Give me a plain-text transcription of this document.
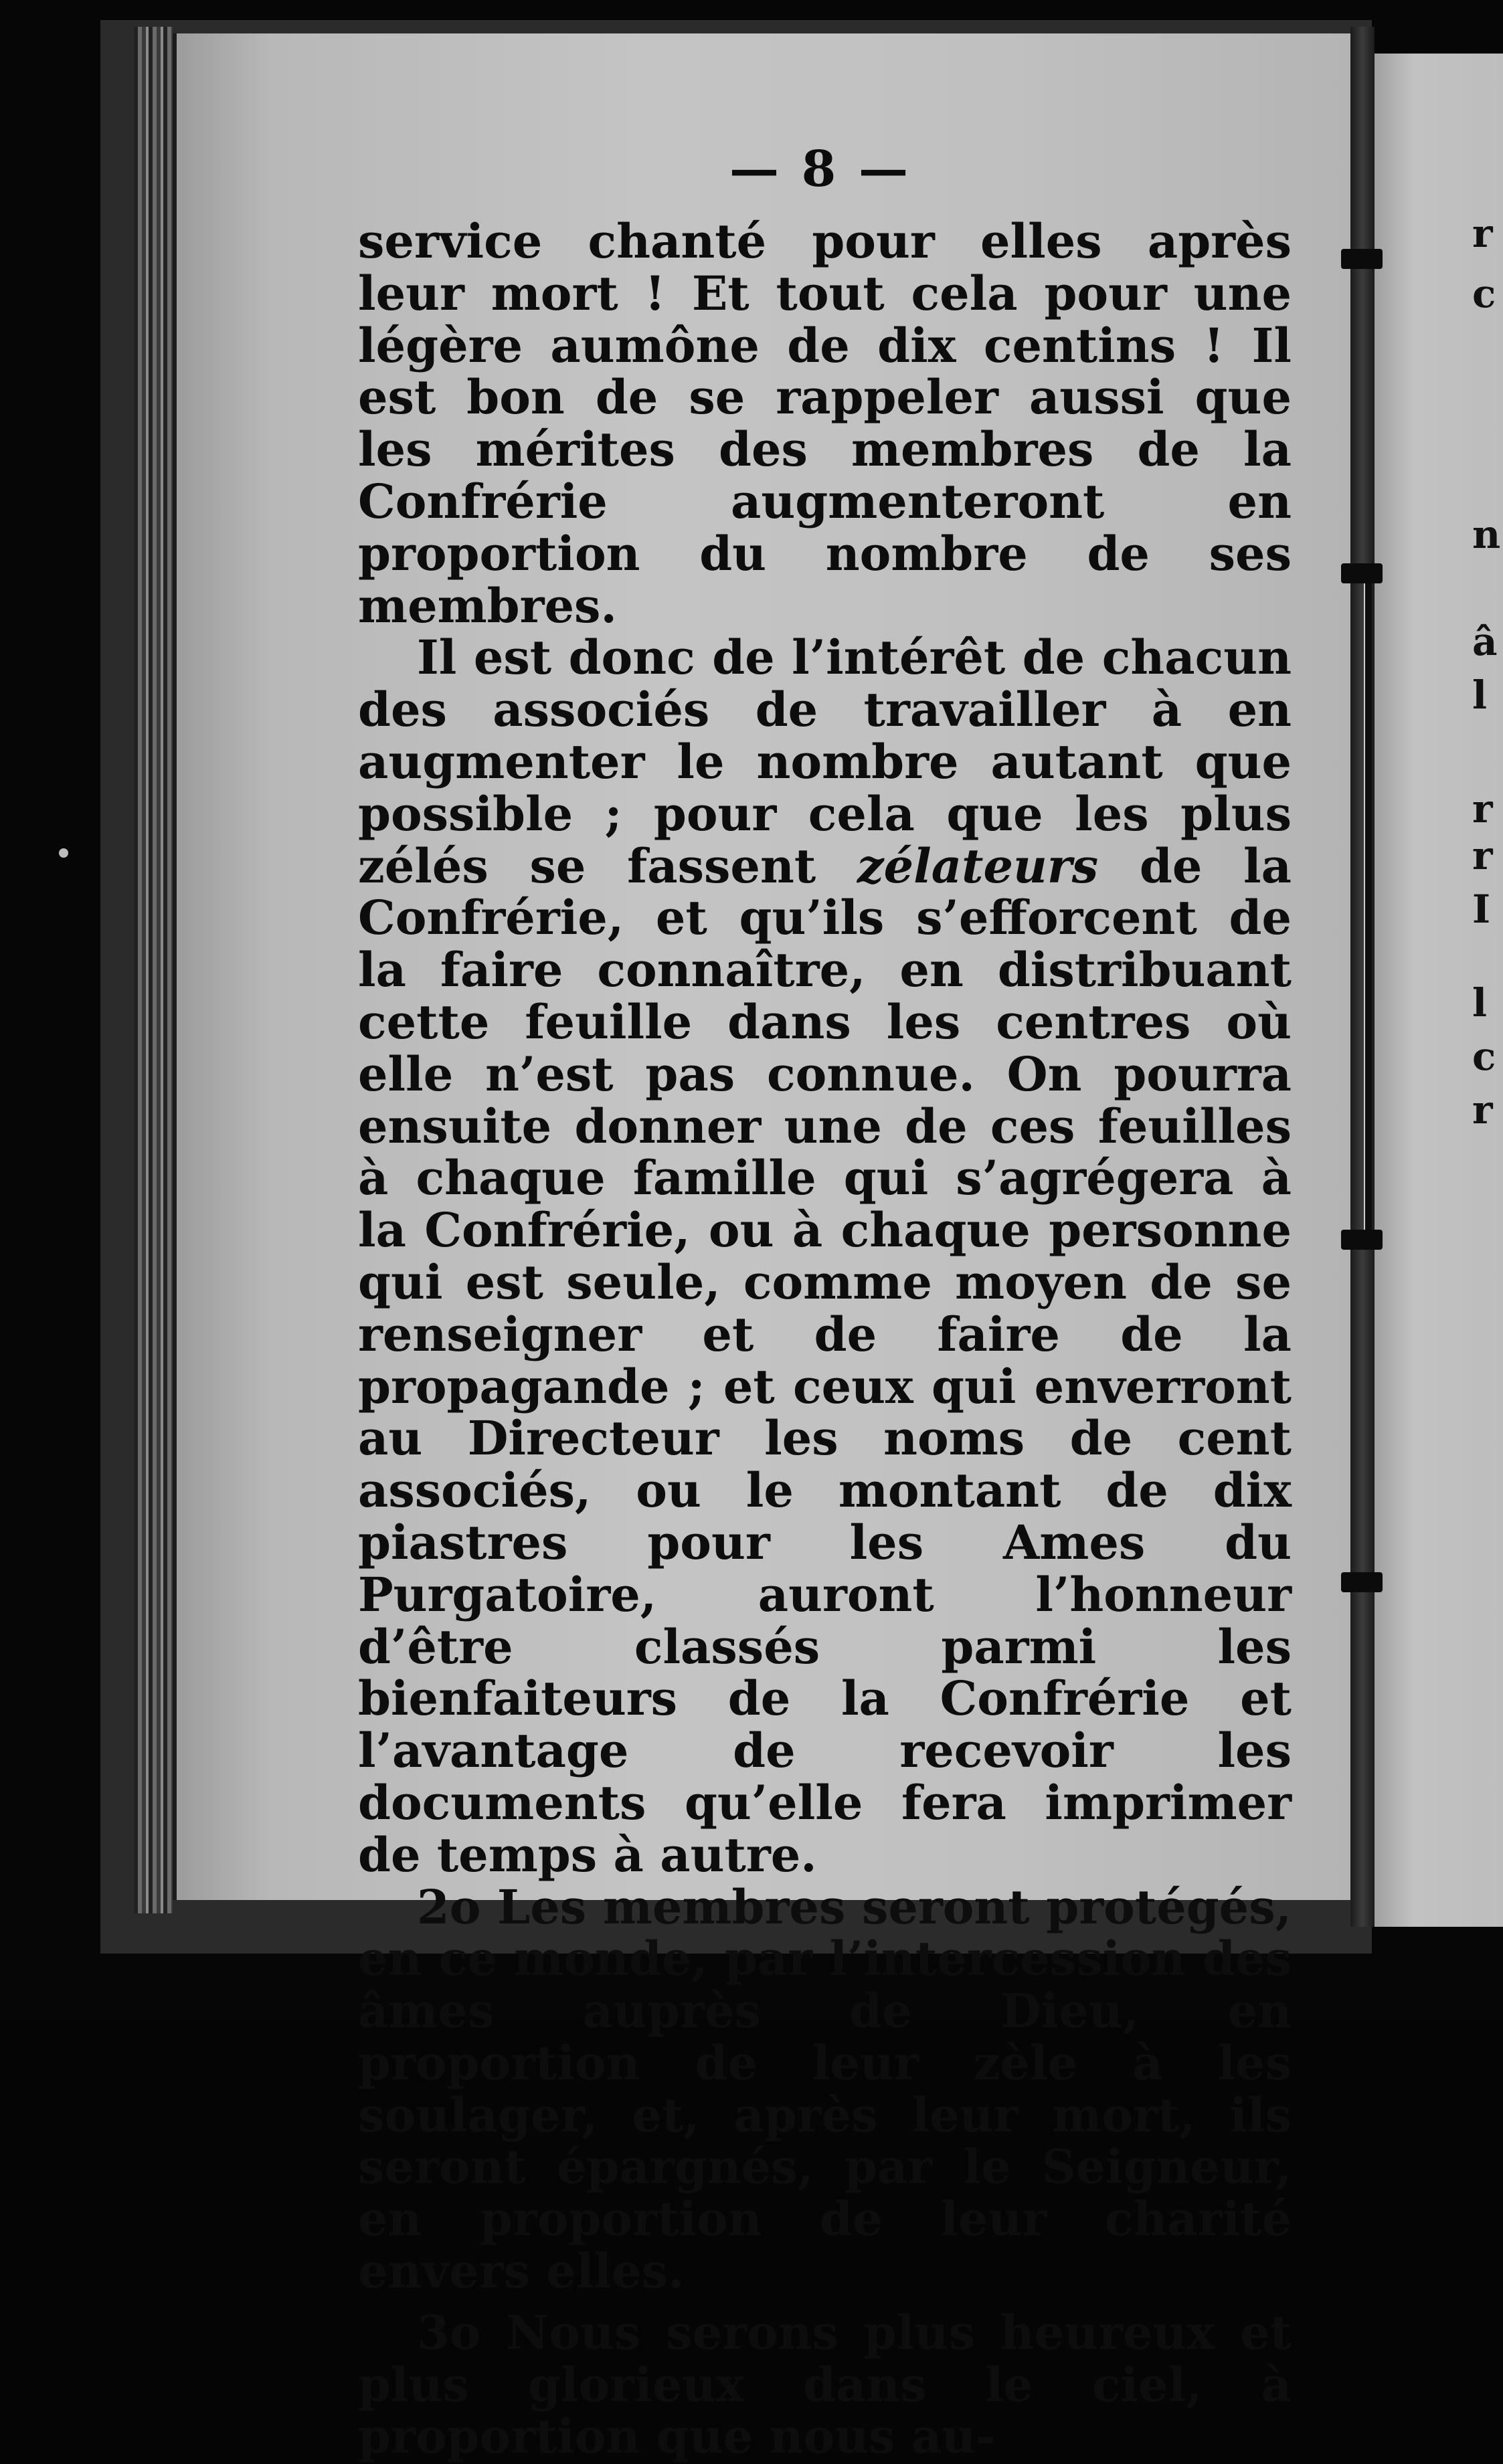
r
c
n
â
l
r
r
I
l
c
r
— 8 —

service chanté pour elles après leur mort ! Et tout cela pour une légère aumône de dix centins ! Il est bon de se rappeler aussi que les mérites des membres de la Confrérie augmenteront en proportion du nombre de ses membres.

Il est donc de l’intérêt de chacun des associés de travailler à en augmenter le nombre autant que possible ; pour cela que les plus zélés se fassent zélateurs de la Confrérie, et qu’ils s’efforcent de la faire connaître, en distribuant cette feuille dans les centres où elle n’est pas connue. On pourra ensuite donner une de ces feuilles à chaque famille qui s’agrégera à la Confrérie, ou à chaque personne qui est seule, comme moyen de se renseigner et de faire de la propagande ; et ceux qui enverront au Directeur les noms de cent associés, ou le montant de dix piastres pour les Ames du Purgatoire, auront l’honneur d’être classés parmi les bienfaiteurs de la Confrérie et l’avantage de recevoir les documents qu’elle fera imprimer de temps à autre.

2o Les membres seront protégés, en ce monde, par l’intercession des âmes auprès de Dieu, en proportion de leur zèle à les soulager, et, après leur mort, ils seront épargnés, par le Seigneur, en proportion de leur charité envers elles.

3o Nous serons plus heureux et plus glorieux dans le ciel, à proportion que nous au-
